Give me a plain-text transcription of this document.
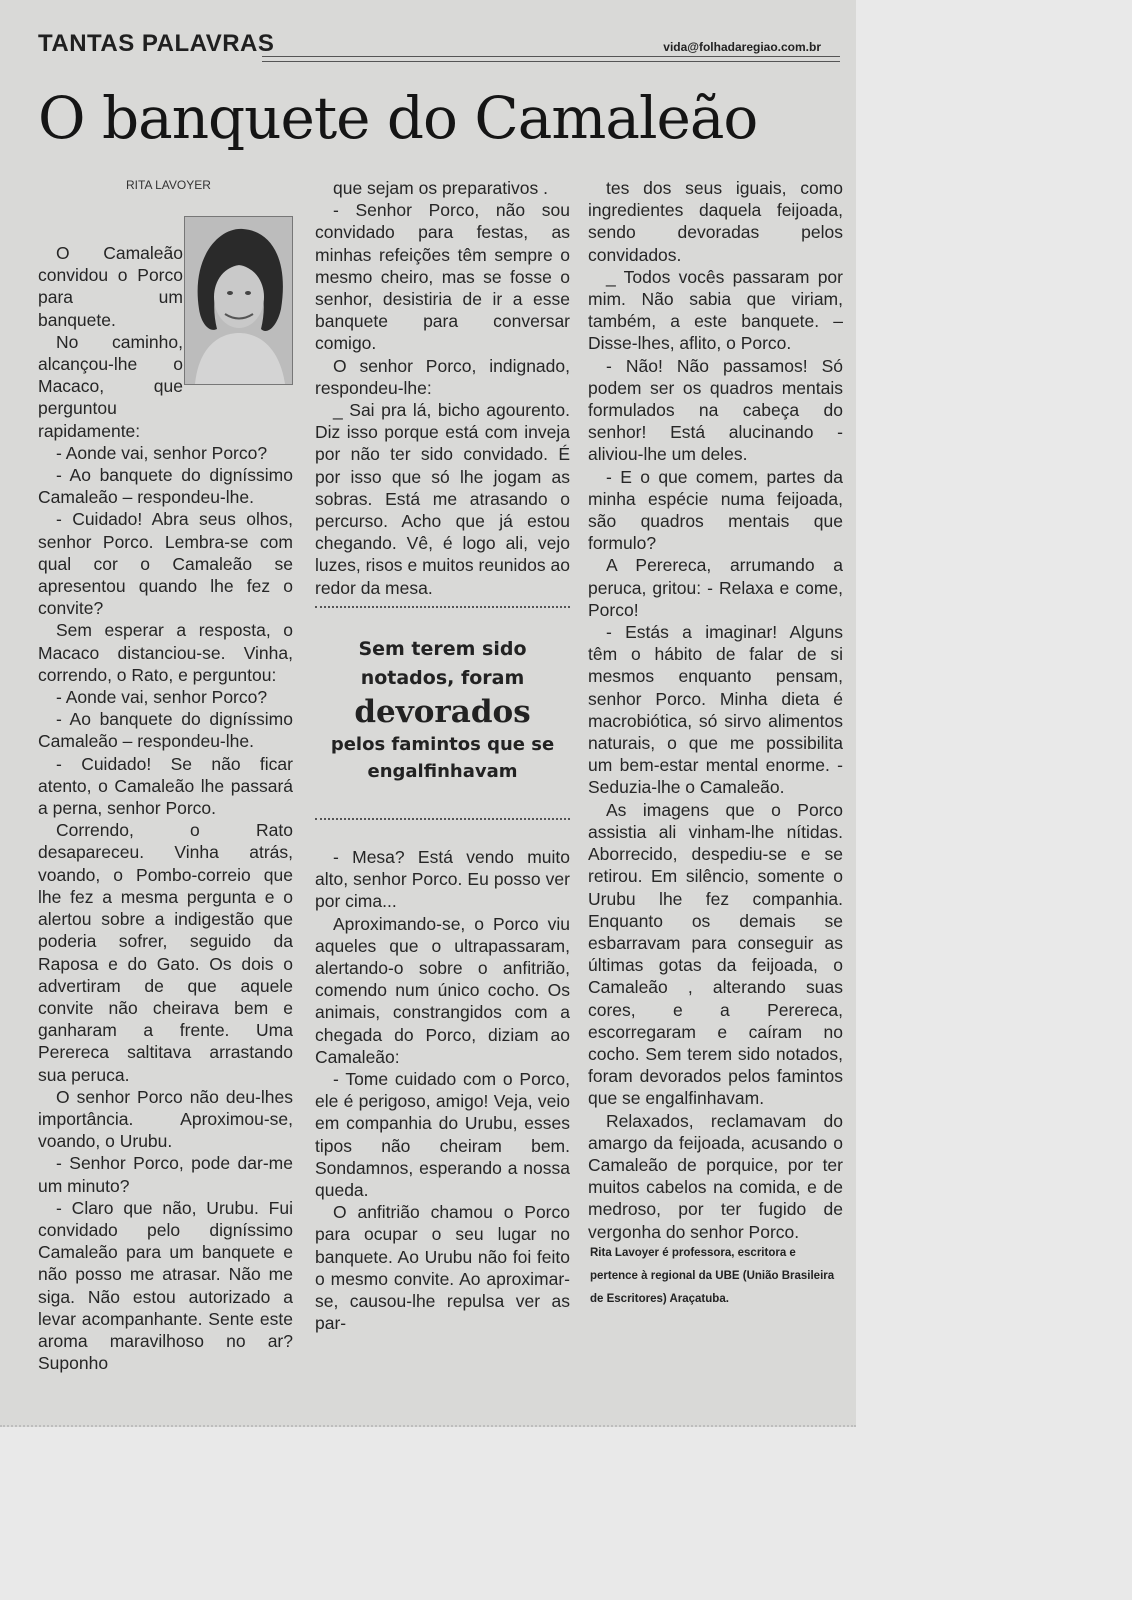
TANTAS PALAVRAS	vida@folhadaregiao.com.br
O banquete do Camaleão
RITA LAVOYER

O Camaleão convidou o Porco para um banquete.

No caminho, alcançou-lhe o Macaco, que perguntou rapidamente:

- Aonde vai, senhor Porco?

- Ao banquete do digníssimo Camaleão – respondeu-lhe.

- Cuidado! Abra seus olhos, senhor Porco. Lembra-se com qual cor o Camaleão se apresentou quando lhe fez o convite?

Sem esperar a resposta, o Macaco distanciou-se. Vinha, correndo, o Rato, e perguntou:

- Aonde vai, senhor Porco?

- Ao banquete do digníssimo Camaleão – respondeu-lhe.

- Cuidado! Se não ficar atento, o Camaleão lhe passará a perna, senhor Porco.

Correndo, o Rato desapareceu. Vinha atrás, voando, o Pombo-correio que lhe fez a mesma pergunta e o alertou sobre a indigestão que poderia sofrer, seguido da Raposa e do Gato. Os dois o advertiram de que aquele convite não cheirava bem e ganharam a frente. Uma Perereca saltitava arrastando sua peruca.

O senhor Porco não deu-lhes importância. Aproximou-se, voando, o Urubu.

- Senhor Porco, pode dar-me um minuto?

- Claro que não, Urubu. Fui convidado pelo digníssimo Camaleão para um banquete e não posso me atrasar. Não me siga. Não estou autorizado a levar acompanhante. Sente este aroma maravilhoso no ar? Suponho

que sejam os preparativos .

- Senhor Porco, não sou convidado para festas, as minhas refeições têm sempre o mesmo cheiro, mas se fosse o senhor, desistiria de ir a esse banquete para conversar comigo.

O senhor Porco, indignado, respondeu-lhe:

_ Sai pra lá, bicho agourento. Diz isso porque está com inveja por não ter sido convidado. É por isso que só lhe jogam as sobras. Está me atrasando o percurso. Acho que já estou chegando. Vê, é logo ali, vejo luzes, risos e muitos reunidos ao redor da mesa.

Sem terem sido notados, foram
devorados
pelos famintos que se engalfinhavam

- Mesa? Está vendo muito alto, senhor Porco. Eu posso ver por cima...

Aproximando-se, o Porco viu aqueles que o ultrapassaram, alertando-o sobre o anfitrião, comendo num único cocho. Os animais, constrangidos com a chegada do Porco, diziam ao Camaleão:

- Tome cuidado com o Porco, ele é perigoso, amigo! Veja, veio em companhia do Urubu, esses tipos não cheiram bem. Sondamnos, esperando a nossa queda.

O anfitrião chamou o Porco para ocupar o seu lugar no banquete. Ao Urubu não foi feito o mesmo convite. Ao aproximar-se, causou-lhe repulsa ver as par-

tes dos seus iguais, como ingredientes daquela feijoada, sendo devoradas pelos convidados.

_ Todos vocês passaram por mim. Não sabia que viriam, também, a este banquete. – Disse-lhes, aflito, o Porco.

- Não! Não passamos! Só podem ser os quadros mentais formulados na cabeça do senhor! Está alucinando - aliviou-lhe um deles.

- E o que comem, partes da minha espécie numa feijoada, são quadros mentais que formulo?

A Perereca, arrumando a peruca, gritou: - Relaxa e come, Porco!

- Estás a imaginar! Alguns têm o hábito de falar de si mesmos enquanto pensam, senhor Porco. Minha dieta é macrobiótica, só sirvo alimentos naturais, o que me possibilita um bem-estar mental enorme. - Seduzia-lhe o Camaleão.

As imagens que o Porco assistia ali vinham-lhe nítidas. Aborrecido, despediu-se e se retirou. Em silêncio, somente o Urubu lhe fez companhia. Enquanto os demais se esbarravam para conseguir as últimas gotas da feijoada, o Camaleão , alterando suas cores, e a Perereca, escorregaram e caíram no cocho. Sem terem sido notados, foram devorados pelos famintos que se engalfinhavam.

Relaxados, reclamavam do amargo da feijoada, acusando o Camaleão de porquice, por ter muitos cabelos na comida, e de medroso, por ter fugido de vergonha do senhor Porco.

Rita Lavoyer é professora, escritora e pertence à regional da UBE (União Brasileira de Escritores) Araçatuba.
